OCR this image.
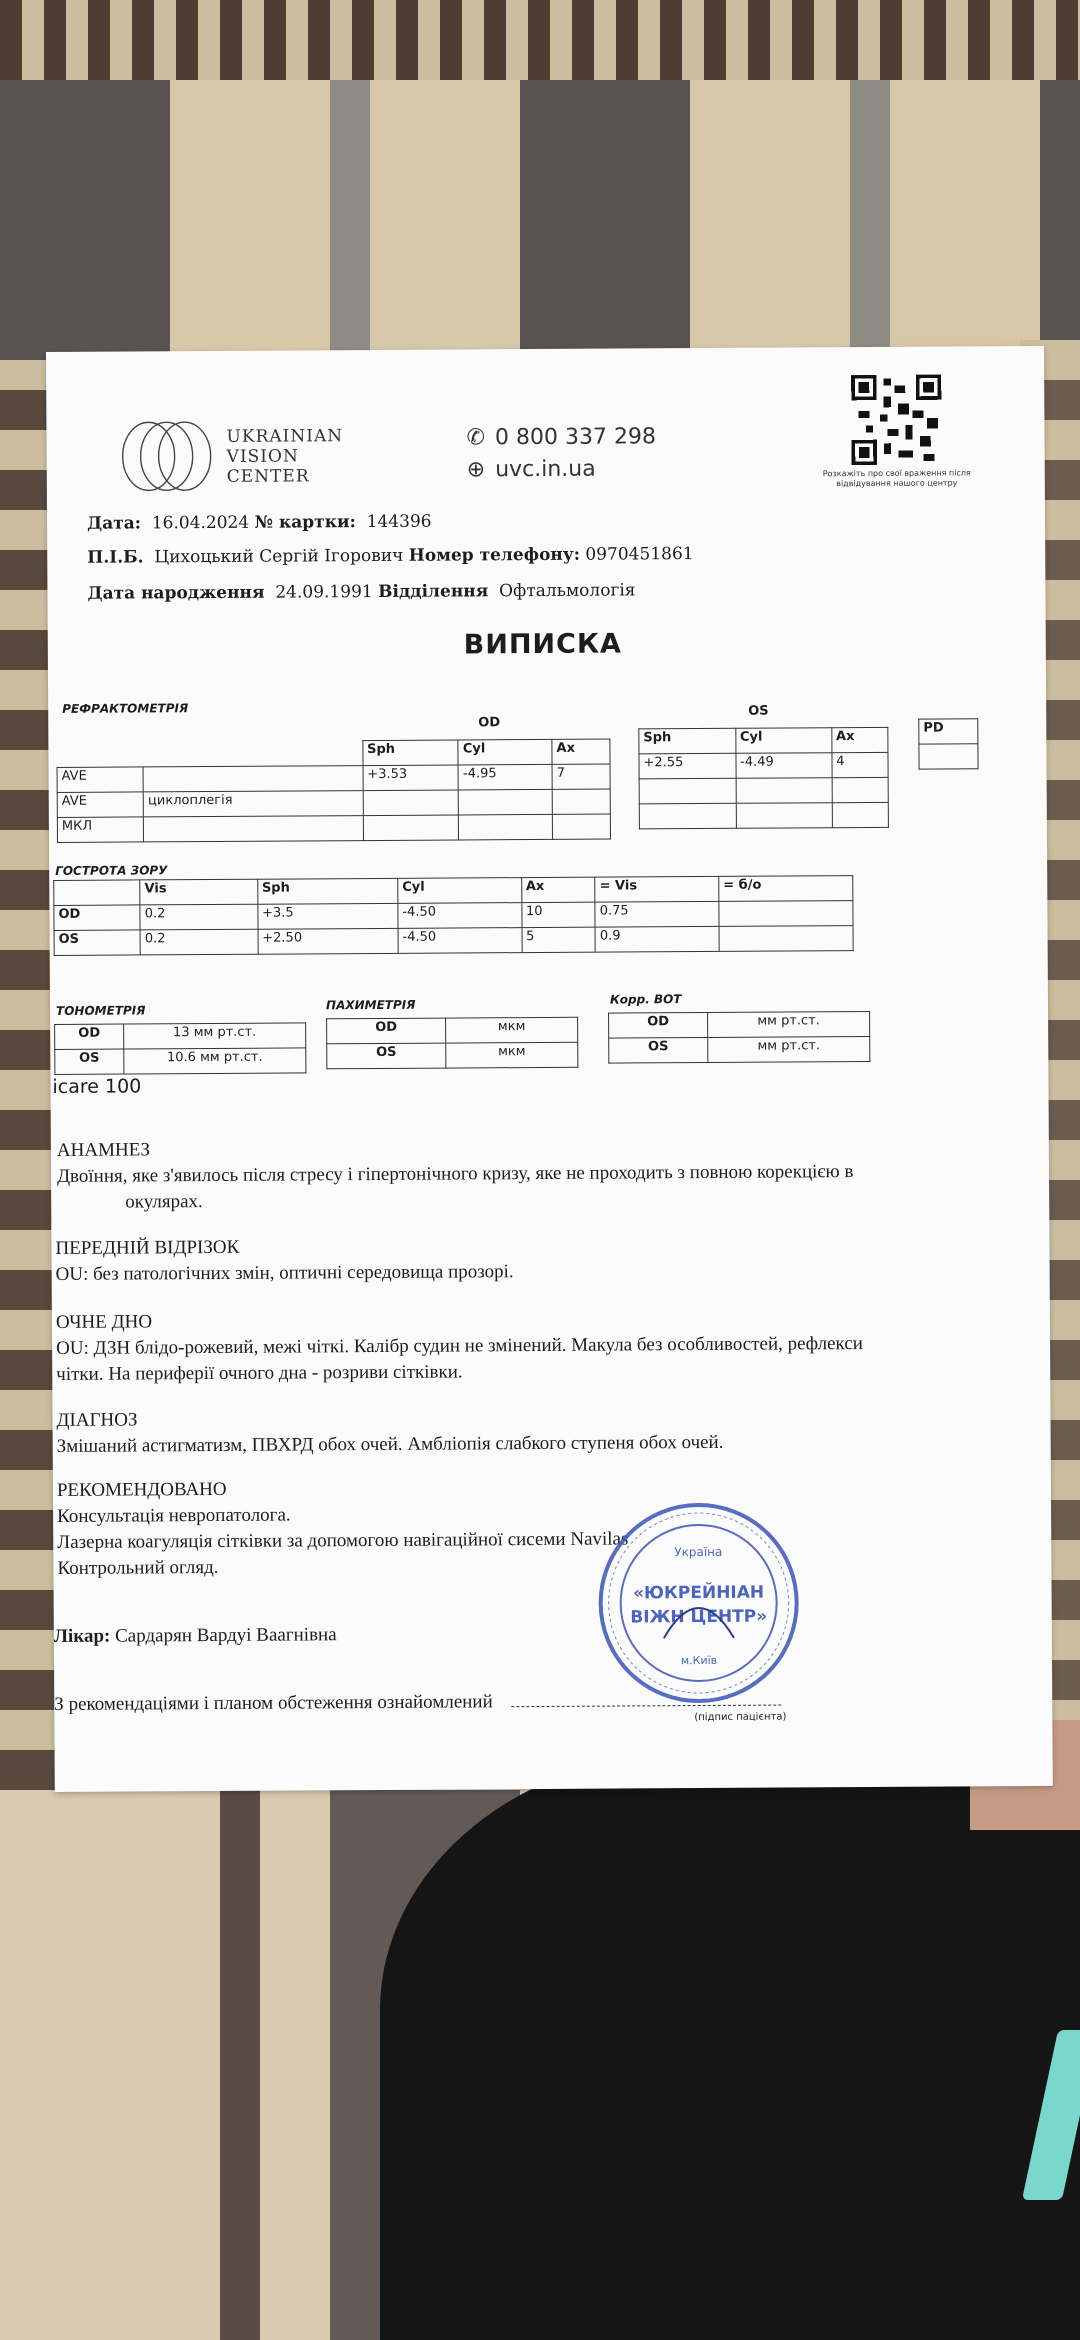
UKRAINIAN
VISION
CENTER
✆ 0 800 337 298
⊕ uvc.in.ua	Розкажіть про свої враження після відвідування нашого центру
Дата: 16.04.2024 № картки: 144396
П.І.Б. Цихоцький Сергій Ігорович Номер телефону: 0970451861
Дата народження 24.09.1991 Відділення Офтальмологія
ВИПИСКА
РЕФРАКТОМЕТРІЯ
OD
OS
		Sph	Cyl	Ax
AVE		+3.53	-4.95	7
AVE	циклоплегія			
МКЛ				
Sph	Cyl	Ax
+2.55	-4.49	4

PD

ГОСТРОТА ЗОРУ
	Vis	Sph	Cyl	Ax	= Vis	= б/о
OD	0.2	+3.5	-4.50	10	0.75	
OS	0.2	+2.50	-4.50	5	0.9	
ТОНОМЕТРІЯ
OD	13 мм рт.ст.
OS	10.6 мм рт.ст.
icare 100
ПАХИМЕТРІЯ
OD	мкм
OS	мкм
Корр. ВОТ
OD	мм рт.ст.
OS	мм рт.ст.
АНАМНЕЗ
Двоїння, яке з'явилось після стресу і гіпертонічного кризу, яке не проходить з повною корекцією в
окулярах.
ПЕРЕДНІЙ ВІДРІЗОК
OU: без патологічних змін, оптичні середовища прозорі.
ОЧНЕ ДНО
OU: ДЗН блідо-рожевий, межі чіткі. Калібр судин не змінений. Макула без особливостей, рефлекси
чітки. На периферії очного дна - розриви сітківки.
ДІАГНОЗ
Змішаний астигматизм, ПВХРД обох очей. Амбліопія слабкого ступеня обох очей.
РЕКОМЕНДОВАНО
Консультація невропатолога.
Лазерна коагуляція сітківки за допомогою навігаційної сисеми Navilas
Контрольний огляд.
Лікар: Сардарян Вардуі Ваагнівна
З рекомендаціями і планом обстеження ознайомлений
(підпис пацієнта)
Україна
«ЮКРЕЙНІАН
ВІЖН ЦЕНТР»
м.Київ
